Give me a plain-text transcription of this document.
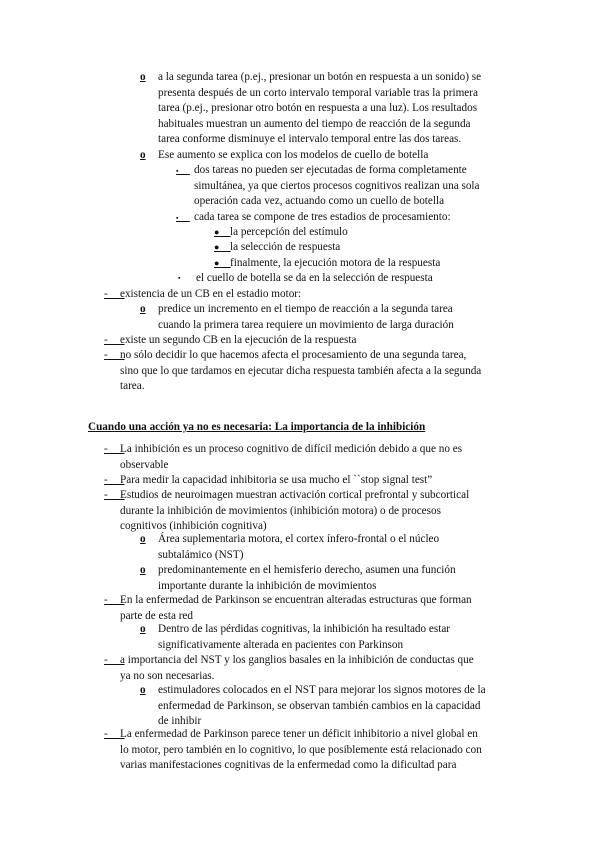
o	a la segunda tarea (p.ej., presionar un botón en respuesta a un sonido) se
presenta después de un corto intervalo temporal variable tras la primera
tarea (p.ej., presionar otro botón en respuesta a una luz). Los resultados
habituales muestran un aumento del tiempo de reacción de la segunda
tarea conforme disminuye el intervalo temporal entre las dos tareas.
o	Ese aumento se explica con los modelos de cuello de botella
▪__ dos tareas no pueden ser ejecutadas de forma completamente
simultánea, ya que ciertos procesos cognitivos realizan una sola
operación cada vez, actuando como un cuello de botella
▪__ cada tarea se compone de tres estadios de procesamiento:
●__ la percepción del estímulo
●__ la selección de respuesta
●__ finalmente, la ejecución motora de la respuesta
▪	el cuello de botella se da en la selección de respuesta
-___
existencia de un CB en el estadio motor:
o	predice un incremento en el tiempo de reacción a la segunda tarea
cuando la primera tarea requiere un movimiento de larga duración
-___
existe un segundo CB en la ejecución de la respuesta
-___
no sólo decidir lo que hacemos afecta el procesamiento de una segunda tarea,
sino que lo que tardamos en ejecutar dicha respuesta también afecta a la segunda
tarea.
Cuando una acción ya no es necesaria: La importancia de la inhibición
-___
La inhibición es un proceso cognitivo de difícil medición debido a que no es
observable
-___
Para medir la capacidad inhibitoria se usa mucho el ``stop signal test”
-___
Estudios de neuroimagen muestran activación cortical prefrontal y subcortical
durante la inhibición de movimientos (inhibición motora) o de procesos
cognitivos (inhibición cognitiva)
o	Área suplementaria motora, el cortex ínfero-frontal o el núcleo
subtalámico (NST)
o	predominantemente en el hemisferio derecho, asumen una función
importante durante la inhibición de movimientos
-___
En la enfermedad de Parkinson se encuentran alteradas estructuras que forman
parte de esta red
o	Dentro de las pérdidas cognitivas, la inhibición ha resultado estar
significativamente alterada en pacientes con Parkinson
-___
a importancia del NST y los ganglios basales en la inhibición de conductas que
ya no son necesarias.
o	estimuladores colocados en el NST para mejorar los signos motores de la
enfermedad de Parkinson, se observan también cambios en la capacidad
de inhibir
-___
La enfermedad de Parkinson parece tener un déficit inhibitorio a nivel global en
lo motor, pero también en lo cognitivo, lo que posiblemente está relacionado con
varias manifestaciones cognitivas de la enfermedad como la dificultad para
